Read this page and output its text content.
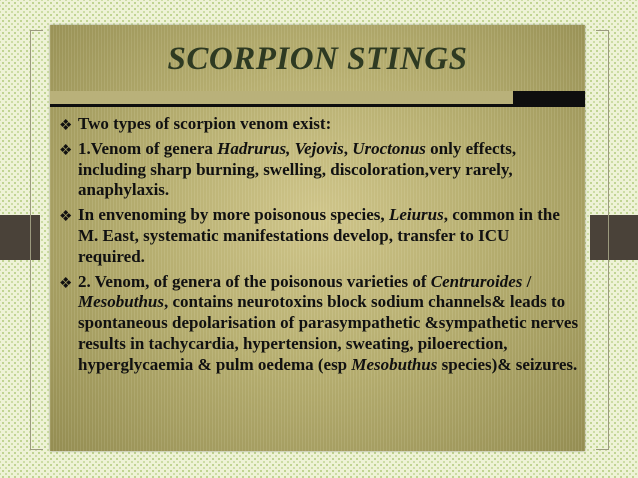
SCORPION STINGS
❖ Two types of scorpion venom exist:
❖ 1.Venom of genera Hadrurus, Vejovis, Uroctonus only effects, including sharp burning, swelling, discoloration,very rarely, anaphylaxis.
❖ In envenoming by more poisonous species, Leiurus, common in the M. East, systematic manifestations develop, transfer to ICU required.
❖ 2. Venom, of genera of the poisonous varieties of Centruroides / Mesobuthus, contains neurotoxins block sodium channels& leads to spontaneous depolarisation of parasympathetic &sympathetic nerves results in tachycardia, hypertension, sweating, piloerection, hyperglycaemia & pulm oedema (esp Mesobuthus species)& seizures.
